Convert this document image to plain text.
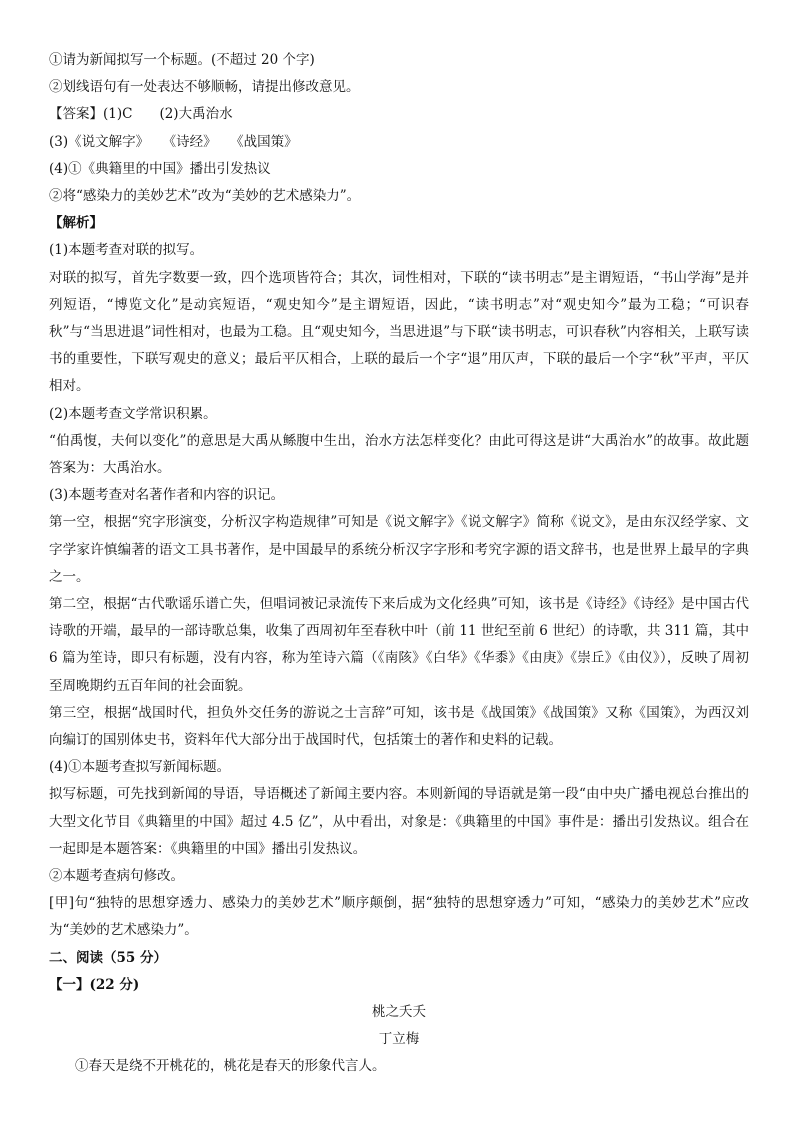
①请为新闻拟写一个标题。(不超过 20 个字)
②划线语句有一处表达不够顺畅，请提出修改意见。
【答案】(1)C　　(2)大禹治水
(3)《说文解字》　　《诗经》　　《战国策》
(4)①《典籍里的中国》播出引发热议
②将“感染力的美妙艺术”改为“美妙的艺术感染力”。
【解析】
(1)本题考查对联的拟写。
对联的拟写，首先字数要一致，四个选项皆符合；其次，词性相对，下联的“读书明志”是主谓短语，“书山学海”是并列短语，“博览文化”是动宾短语，“观史知今”是主谓短语，因此，“读书明志”对“观史知今”最为工稳；“可识春秋”与“当思进退”词性相对，也最为工稳。且“观史知今，当思进退”与下联“读书明志，可识春秋”内容相关，上联写读书的重要性，下联写观史的意义；最后平仄相合，上联的最后一个字“退”用仄声，下联的最后一个字“秋”平声，平仄相对。
(2)本题考查文学常识积累。
“伯禹愎，夫何以变化”的意思是大禹从鲧腹中生出，治水方法怎样变化？由此可得这是讲“大禹治水”的故事。故此题答案为：大禹治水。
(3)本题考查对名著作者和内容的识记。
第一空，根据“究字形演变，分析汉字构造规律”可知是《说文解字》《说文解字》简称《说文》，是由东汉经学家、文字学家许慎编著的语文工具书著作，是中国最早的系统分析汉字字形和考究字源的语文辞书，也是世界上最早的字典之一。
第二空，根据“古代歌谣乐谱亡失，但唱词被记录流传下来后成为文化经典”可知，该书是《诗经》《诗经》是中国古代诗歌的开端，最早的一部诗歌总集，收集了西周初年至春秋中叶（前 11 世纪至前 6 世纪）的诗歌，共 311 篇，其中 6 篇为笙诗，即只有标题，没有内容，称为笙诗六篇（《南陔》《白华》《华黍》《由庚》《崇丘》《由仪》），反映了周初至周晚期约五百年间的社会面貌。
第三空，根据“战国时代，担负外交任务的游说之士言辞”可知，该书是《战国策》《战国策》又称《国策》，为西汉刘向编订的国别体史书，资料年代大部分出于战国时代，包括策士的著作和史料的记载。
(4)①本题考查拟写新闻标题。
拟写标题，可先找到新闻的导语，导语概述了新闻主要内容。本则新闻的导语就是第一段“由中央广播电视总台推出的大型文化节目《典籍里的中国》超过 4.5 亿”，从中看出，对象是：《典籍里的中国》事件是：播出引发热议。组合在一起即是本题答案：《典籍里的中国》播出引发热议。
②本题考查病句修改。
[甲]句“独特的思想穿透力、感染力的美妙艺术”顺序颠倒，据“独特的思想穿透力”可知，“感染力的美妙艺术”应改为“美妙的艺术感染力”。
二、阅读（55 分）
【一】(22 分)
桃之夭夭
丁立梅
①春天是绕不开桃花的，桃花是春天的形象代言人。
